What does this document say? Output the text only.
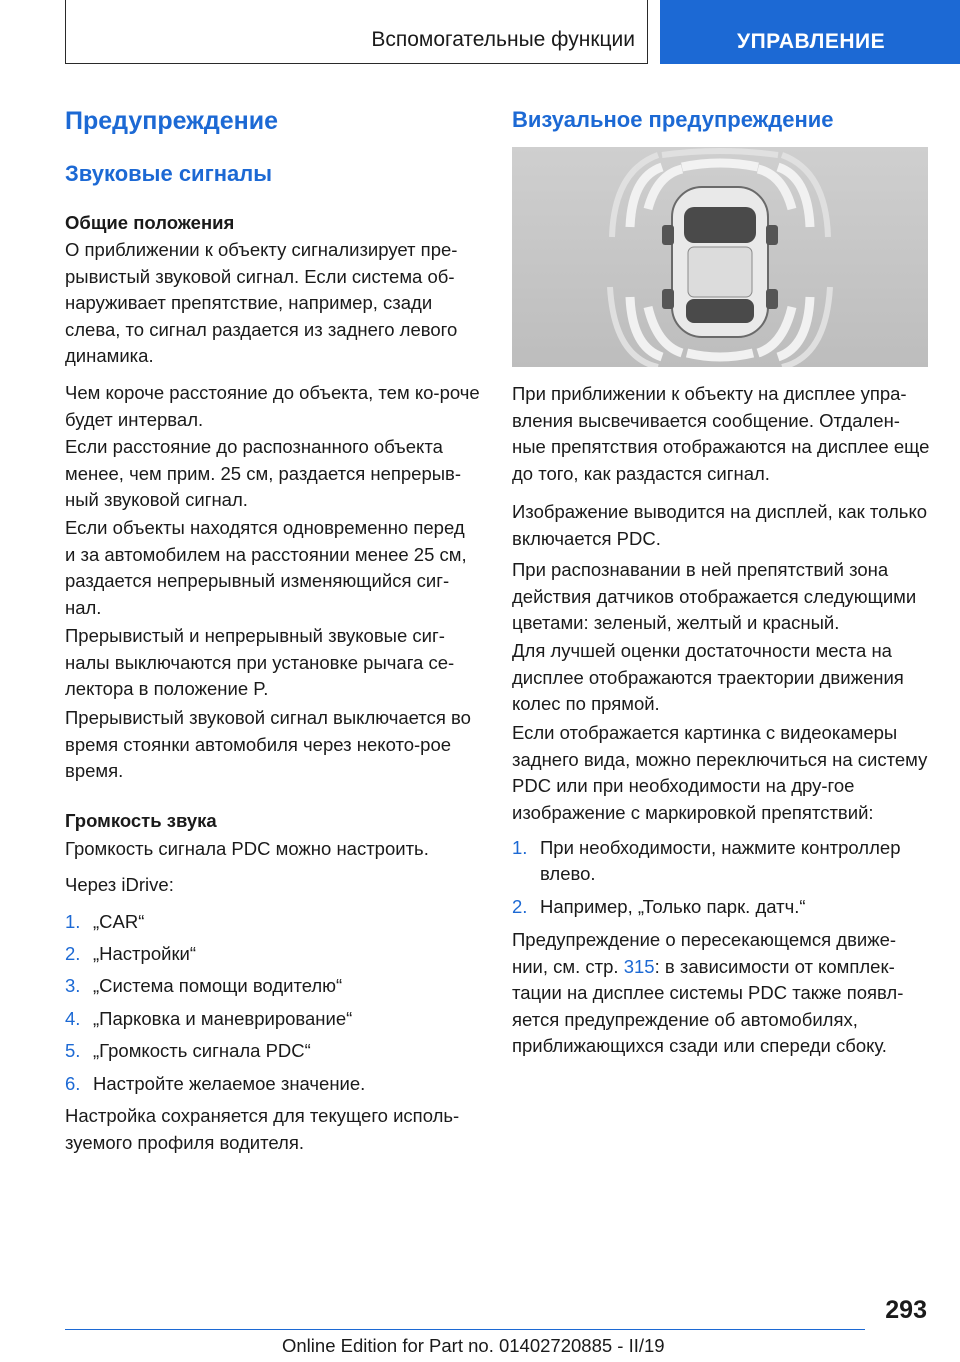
Вспомогательные функции	УПРАВЛЕНИЕ
Предупреждение
Звуковые сигналы
Общие положения
О приближении к объекту сигнализирует пре-рывистый звуковой сигнал. Если система об-наруживает препятствие, например, сзади слева, то сигнал раздается из заднего левого динамика.
Чем короче расстояние до объекта, тем ко-роче будет интервал.
Если расстояние до распознанного объекта менее, чем прим. 25 см, раздается непрерыв-ный звуковой сигнал.
Если объекты находятся одновременно перед и за автомобилем на расстоянии менее 25 см, раздается непрерывный изменяющийся сиг-нал.
Прерывистый и непрерывный звуковые сиг-налы выключаются при установке рычага се-лектора в положение P.
Прерывистый звуковой сигнал выключается во время стоянки автомобиля через некото-рое время.
Громкость звука
Громкость сигнала PDC можно настроить.
Через iDrive:
1. „CAR“
2. „Настройки“
3. „Система помощи водителю“
4. „Парковка и маневрирование“
5. „Громкость сигнала PDC“
6. Настройте желаемое значение.
Настройка сохраняется для текущего исполь-зуемого профиля водителя.
Визуальное предупреждение
При приближении к объекту на дисплее упра-вления высвечивается сообщение. Отдален-ные препятствия отображаются на дисплее еще до того, как раздастся сигнал.
Изображение выводится на дисплей, как только включается PDC.
При распознавании в ней препятствий зона действия датчиков отображается следующими цветами: зеленый, желтый и красный.
Для лучшей оценки достаточности места на дисплее отображаются траектории движения колес по прямой.
Если отображается картинка с видеокамеры заднего вида, можно переключиться на систему PDC или при необходимости на дру-гое изображение с маркировкой препятствий:
1. При необходимости, нажмите контроллер
влево.
2. Например, „Только парк. датч.“
Предупреждение о пересекающемся движе-нии, см. стр. 315: в зависимости от комплек-тации на дисплее системы PDC также появл-яется предупреждение об автомобилях, приближающихся сзади или спереди сбоку.
293
Online Edition for Part no. 01402720885 - II/19
